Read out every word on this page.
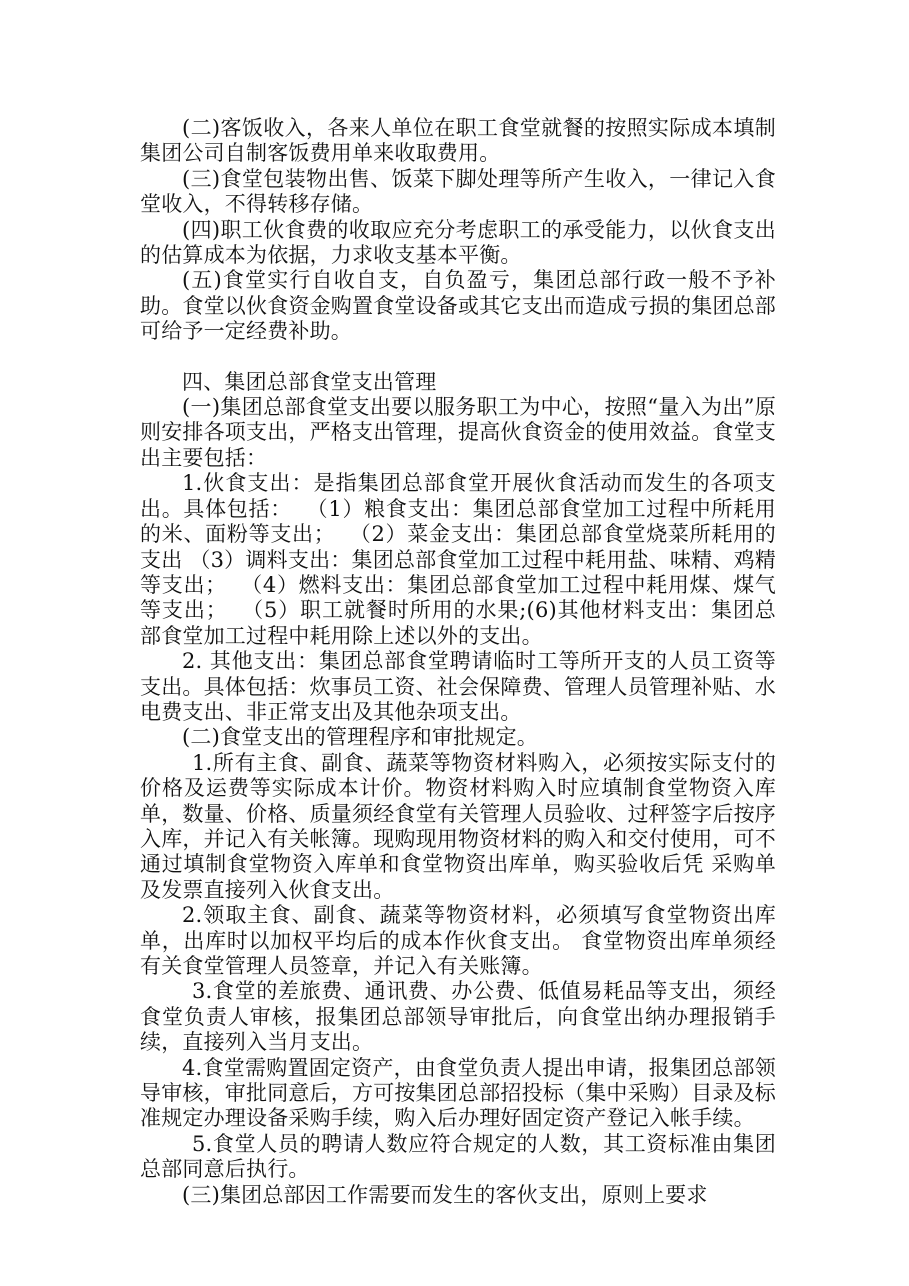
(二)客饭收入，各来人单位在职工食堂就餐的按照实际成本填制集团公司自制客饭费用单来收取费用。

(三)食堂包装物出售、饭菜下脚处理等所产生收入，一律记入食堂收入，不得转移存储。

(四)职工伙食费的收取应充分考虑职工的承受能力，以伙食支出的估算成本为依据，力求收支基本平衡。

(五)食堂实行自收自支，自负盈亏，集团总部行政一般不予补助。食堂以伙食资金购置食堂设备或其它支出而造成亏损的集团总部可给予一定经费补助。

四、集团总部食堂支出管理

(一)集团总部食堂支出要以服务职工为中心，按照“量入为出”原则安排各项支出，严格支出管理，提高伙食资金的使用效益。食堂支出主要包括：

1.伙食支出：是指集团总部食堂开展伙食活动而发生的各项支出。具体包括：  （1）粮食支出：集团总部食堂加工过程中所耗用的米、面粉等支出；  （2）菜金支出：集团总部食堂烧菜所耗用的支出 （3）调料支出：集团总部食堂加工过程中耗用盐、味精、鸡精等支出；  （4）燃料支出：集团总部食堂加工过程中耗用煤、煤气等支出；  （5）职工就餐时所用的水果;(6)其他材料支出：集团总部食堂加工过程中耗用除上述以外的支出。

2. 其他支出：集团总部食堂聘请临时工等所开支的人员工资等支出。具体包括：炊事员工资、社会保障费、管理人员管理补贴、水电费支出、非正常支出及其他杂项支出。

(二)食堂支出的管理程序和审批规定。

1.所有主食、副食、蔬菜等物资材料购入，必须按实际支付的价格及运费等实际成本计价。物资材料购入时应填制食堂物资入库单，数量、价格、质量须经食堂有关管理人员验收、过秤签字后按序入库，并记入有关帐簿。现购现用物资材料的购入和交付使用，可不通过填制食堂物资入库单和食堂物资出库单，购买验收后凭 采购单及发票直接列入伙食支出。

2.领取主食、副食、蔬菜等物资材料，必须填写食堂物资出库单，出库时以加权平均后的成本作伙食支出。 食堂物资出库单须经有关食堂管理人员签章，并记入有关账簿。

3.食堂的差旅费、通讯费、办公费、低值易耗品等支出，须经食堂负责人审核，报集团总部领导审批后，向食堂出纳办理报销手续，直接列入当月支出。

4.食堂需购置固定资产，由食堂负责人提出申请，报集团总部领导审核，审批同意后，方可按集团总部招投标（集中采购）目录及标准规定办理设备采购手续，购入后办理好固定资产登记入帐手续。

5.食堂人员的聘请人数应符合规定的人数，其工资标准由集团总部同意后执行。

(三)集团总部因工作需要而发生的客伙支出，原则上要求
